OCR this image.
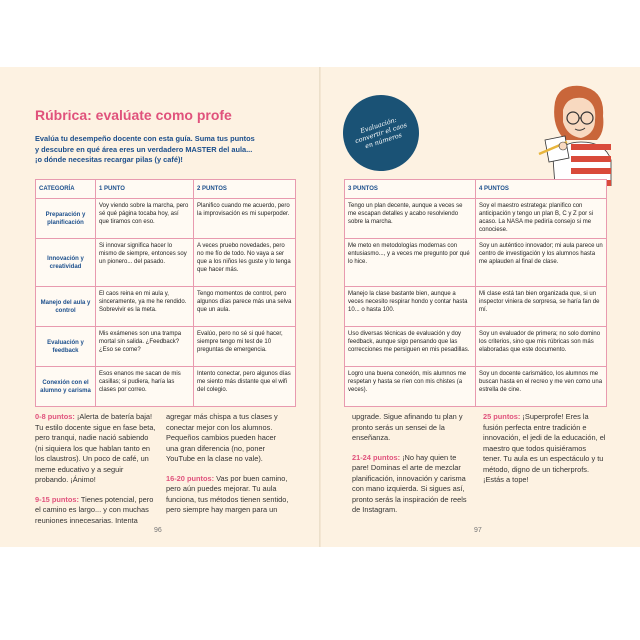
Rúbrica: evalúate como profe

Evalúa tu desempeño docente con esta guía. Suma tus puntos y descubre en qué área eres un verdadero MASTER del aula... ¡o dónde necesitas recargar pilas (y café)!

Evaluación: convertir el caos en números
CATEGORÍA	1 PUNTO	2 PUNTOS
Preparación y planificación	Voy viendo sobre la marcha, pero sé qué página tocaba hoy, así que tiramos con eso.	Planifico cuando me acuerdo, pero la improvisación es mi superpoder.
Innovación y creatividad	Si innovar significa hacer lo mismo de siempre, entonces soy un pionero... del pasado.	A veces pruebo novedades, pero no me fío de todo. No vaya a ser que a los niños les guste y lo tenga que hacer más.
Manejo del aula y control	El caos reina en mi aula y, sinceramente, ya me he rendido. Sobrevivir es la meta.	Tengo momentos de control, pero algunos días parece más una selva que un aula.
Evaluación y feedback	Mis exámenes son una trampa mortal sin salida. ¿Feedback? ¿Eso se come?	Evalúo, pero no sé si qué hacer, siempre tengo mi test de 10 preguntas de emergencia.
Conexión con el alumno y carisma	Esos enanos me sacan de mis casillas; si pudiera, haría las clases por correo.	Intento conectar, pero algunos días me siento más distante que el wifi del colegio.
3 PUNTOS	4 PUNTOS
Tengo un plan decente, aunque a veces se me escapan detalles y acabo resolviendo sobre la marcha.	Soy el maestro estratega: planifico con anticipación y tengo un plan B, C y Z por si acaso. La NASA me pediría consejo si me conociese.
Me meto en metodologías modernas con entusiasmo..., y a veces me pregunto por qué lo hice.	Soy un auténtico innovador; mi aula parece un centro de investigación y los alumnos hasta me aplauden al final de clase.
Manejo la clase bastante bien, aunque a veces necesito respirar hondo y contar hasta 10... o hasta 100.	Mi clase está tan bien organizada que, si un inspector viniera de sorpresa, se haría fan de mí.
Uso diversas técnicas de evaluación y doy feedback, aunque sigo pensando que las correcciones me persiguen en mis pesadillas.	Soy un evaluador de primera; no solo domino los criterios, sino que mis rúbricas son más elaboradas que este documento.
Logro una buena conexión, mis alumnos me respetan y hasta se ríen con mis chistes (a veces).	Soy un docente carismático, los alumnos me buscan hasta en el recreo y me ven como una estrella de cine.

0-8 puntos: ¡Alerta de batería baja! Tu estilo docente sigue en fase beta, pero tranqui, nadie nació sabiendo (ni siquiera los que hablan tanto en los claustros). Un poco de café, un meme educativo y a seguir probando. ¡Ánimo!

9-15 puntos: Tienes potencial, pero el camino es largo... y con muchas reuniones innecesarias. Intenta

agregar más chispa a tus clases y conectar mejor con los alumnos. Pequeños cambios pueden hacer una gran diferencia (no, poner YouTube en la clase no vale).

16-20 puntos: Vas por buen camino, pero aún puedes mejorar. Tu aula funciona, tus métodos tienen sentido, pero siempre hay margen para un

upgrade. Sigue afinando tu plan y pronto serás un sensei de la enseñanza.

21-24 puntos: ¡No hay quien te pare! Dominas el arte de mezclar planificación, innovación y carisma con mano izquierda. Si sigues así, pronto serás la inspiración de reels de Instagram.

25 puntos: ¡Superprofe! Eres la fusión perfecta entre tradición e innovación, el jedi de la educación, el maestro que todos quisiéramos tener. Tu aula es un espectáculo y tu método, digno de un ticherprofs. ¡Estás a tope!

96	97
